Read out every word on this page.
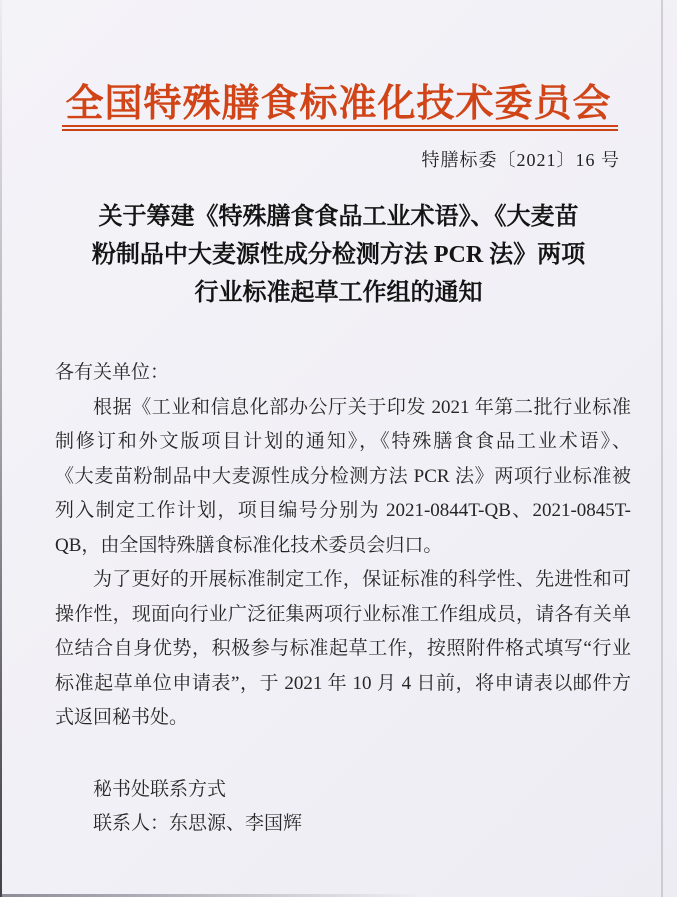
全国特殊膳食标准化技术委员会
特膳标委〔2021〕16 号
关于筹建《特殊膳食食品工业术语》、《大麦苗
粉制品中大麦源性成分检测方法 PCR 法》两项
行业标准起草工作组的通知
各有关单位：
根据《工业和信息化部办公厅关于印发 2021 年第二批行业标准
制修订和外文版项目计划的通知》，《特殊膳食食品工业术语》、
《大麦苗粉制品中大麦源性成分检测方法 PCR 法》两项行业标准被
列入制定工作计划，项目编号分别为 2021-0844T-QB、2021-0845T-
QB，由全国特殊膳食标准化技术委员会归口。
为了更好的开展标准制定工作，保证标准的科学性、先进性和可
操作性，现面向行业广泛征集两项行业标准工作组成员，请各有关单
位结合自身优势，积极参与标准起草工作，按照附件格式填写“行业
标准起草单位申请表”，于 2021 年 10 月 4 日前，将申请表以邮件方
式返回秘书处。
秘书处联系方式
联系人：东思源、李国辉
